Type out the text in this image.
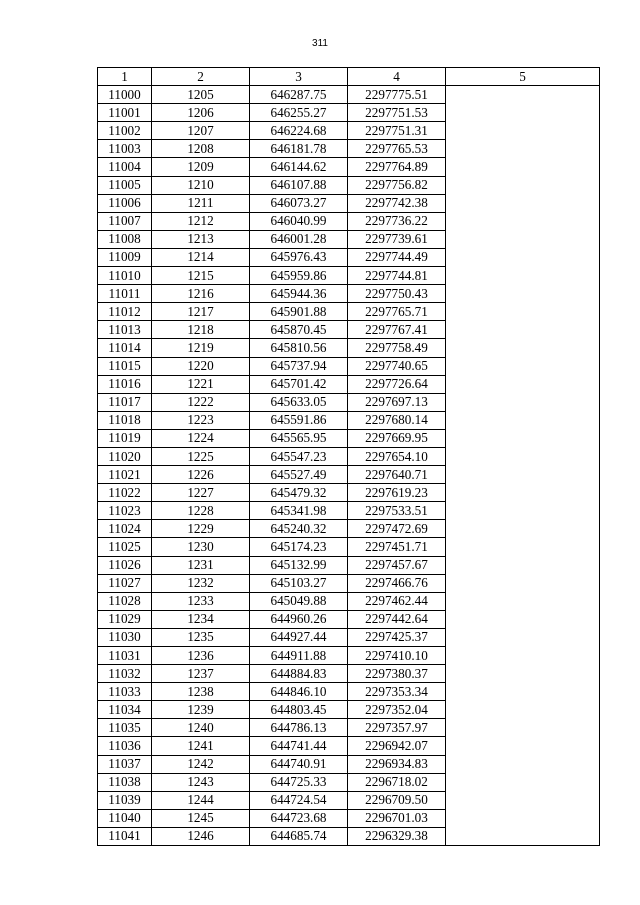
311
1	2	3	4	5
11000	1205	646287.75	2297775.51	
11001	1206	646255.27	2297751.53	
11002	1207	646224.68	2297751.31	
11003	1208	646181.78	2297765.53	
11004	1209	646144.62	2297764.89	
11005	1210	646107.88	2297756.82	
11006	1211	646073.27	2297742.38	
11007	1212	646040.99	2297736.22	
11008	1213	646001.28	2297739.61	
11009	1214	645976.43	2297744.49	
11010	1215	645959.86	2297744.81	
11011	1216	645944.36	2297750.43	
11012	1217	645901.88	2297765.71	
11013	1218	645870.45	2297767.41	
11014	1219	645810.56	2297758.49	
11015	1220	645737.94	2297740.65	
11016	1221	645701.42	2297726.64	
11017	1222	645633.05	2297697.13	
11018	1223	645591.86	2297680.14	
11019	1224	645565.95	2297669.95	
11020	1225	645547.23	2297654.10	
11021	1226	645527.49	2297640.71	
11022	1227	645479.32	2297619.23	
11023	1228	645341.98	2297533.51	
11024	1229	645240.32	2297472.69	
11025	1230	645174.23	2297451.71	
11026	1231	645132.99	2297457.67	
11027	1232	645103.27	2297466.76	
11028	1233	645049.88	2297462.44	
11029	1234	644960.26	2297442.64	
11030	1235	644927.44	2297425.37	
11031	1236	644911.88	2297410.10	
11032	1237	644884.83	2297380.37	
11033	1238	644846.10	2297353.34	
11034	1239	644803.45	2297352.04	
11035	1240	644786.13	2297357.97	
11036	1241	644741.44	2296942.07	
11037	1242	644740.91	2296934.83	
11038	1243	644725.33	2296718.02	
11039	1244	644724.54	2296709.50	
11040	1245	644723.68	2296701.03	
11041	1246	644685.74	2296329.38	
